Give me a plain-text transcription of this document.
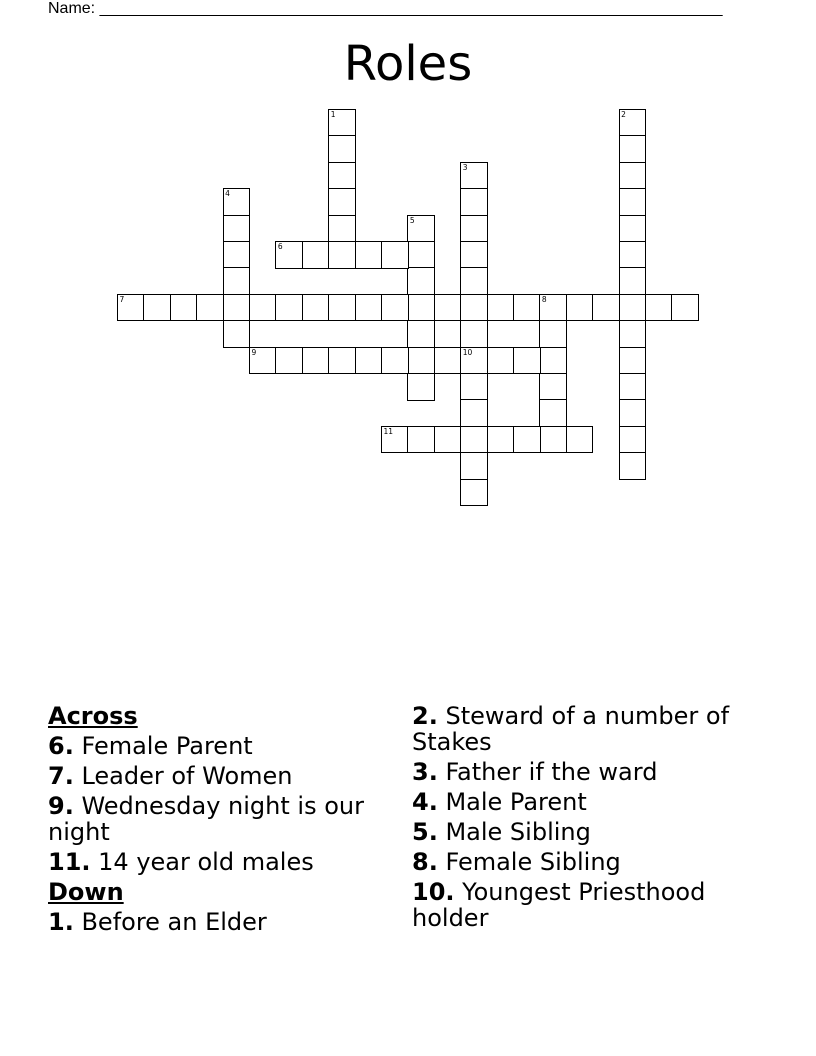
Name: ______________________________________________________________________
Roles
1	2
3
10
4
5
6
7	8
9
11
Across
6. Female Parent
7. Leader of Women
9. Wednesday night is our night
11. 14 year old males
Down
1. Before an Elder
2. Steward of a number of Stakes
3. Father if the ward
4. Male Parent
5. Male Sibling
8. Female Sibling
10. Youngest Priesthood holder
